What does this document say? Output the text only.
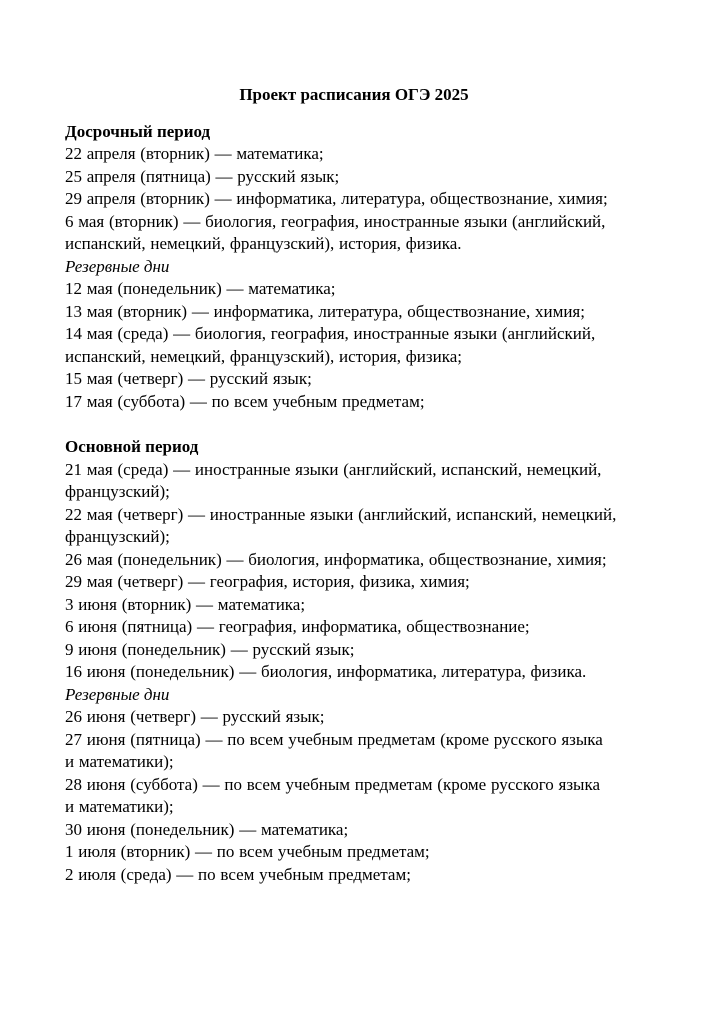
Проект расписания ОГЭ 2025
Досрочный период

22 апреля (вторник) — математика;

25 апреля (пятница) — русский язык;

29 апреля (вторник) — информатика, литература, обществознание, химия;

6 мая (вторник) — биология, география, иностранные языки (английский, испанский, немецкий, французский), история, физика.

Резервные дни

12 мая (понедельник) — математика;

13 мая (вторник) — информатика, литература, обществознание, химия;

14 мая (среда) — биология, география, иностранные языки (английский, испанский, немецкий, французский), история, физика;

15 мая (четверг) — русский язык;

17 мая (суббота) — по всем учебным предметам;

Основной период

21 мая (среда) — иностранные языки (английский, испанский, немецкий, французский);

22 мая (четверг) — иностранные языки (английский, испанский, немецкий, французский);

26 мая (понедельник) — биология, информатика, обществознание, химия;

29 мая (четверг) — география, история, физика, химия;

3 июня (вторник) — математика;

6 июня (пятница) — география, информатика, обществознание;

9 июня (понедельник) — русский язык;

16 июня (понедельник) — биология, информатика, литература, физика.

Резервные дни

26 июня (четверг) — русский язык;

27 июня (пятница) — по всем учебным предметам (кроме русского языка и математики);

28 июня (суббота) — по всем учебным предметам (кроме русского языка и математики);

30 июня (понедельник) — математика;

1 июля (вторник) — по всем учебным предметам;

2 июля (среда) — по всем учебным предметам;
